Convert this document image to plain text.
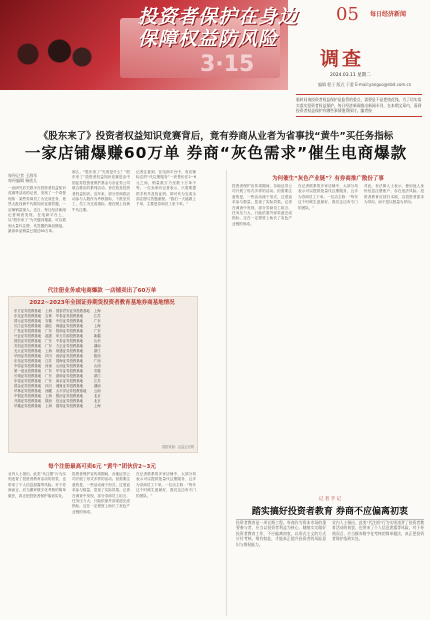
3·15
投资者保护在身边
保障权益防风险
05 每日经济新闻
调查
2024.03.11 星期二
编辑 程子 版式 于蕾 E-mail:yanguo@nbd.com.cn
临时问询投资者权益保护是监管的重点，需要是不是把钱花钱。为了切实落实落实投资者权益保护，每日经济新闻推出新闻专刊，在本期文章内，看到投资者权益保护有哪些事情值得探讨。编者按
《股东来了》投资者权益知识竞赛背后，竟有券商从业者为省事找“黄牛”买任务指标
一家店铺爆赚60万单 券商“灰色需求”催生电商爆款
每经记者 王海军
每经编辑 杨欣儿

一直研究后关联平台投资者权益知识竞赛等活动的记者，发现了一个奇怪现象：某些券商员工为完成任务，竟然大批找黄牛代做知识竞赛答题，一店铺销量惊人。近日，每日经济新闻记者调查发现，在电商平台上，以“股东来了”为关键词搜索，可以看到大量代注册、代答题的商品链接，最高单品销量已超过60万单。

那么，“股东来了”究竟是什么？“股东来了”投资者权益知识竞赛是由中国证券投资者保护基金与各证券公司联合推出的系列活动，旨在普及投资者权益知识。近年来，部分券商将活动参与人数作为考核指标，下派至员工，员工为完成指标，便在网上找黄牛代注册。

记者注意到，在电商平台中，有店铺标注的“代注册服务”一套售价在2~6元之间，销量数万乃至数十万单不等。一位卖家向记者表示，只需要提供手机号及验证码，即可代为完成全部注册与答题流程。“我们一天能做上千单，主要是券商员工来下单。”

代注册业务或电商爆款 一店铺卖出了60万单
2022~2023年全国证券期货投资者教育基地券商基地情况
东方证券投教基地	上海	国泰君安证券投教基地	上海
东北证券投教基地	吉林	华泰证券投教基地	江苏
国元证券投教基地	安徽	中信证券投教基地	广东
长江证券投教基地	湖北	海通证券投教基地	上海
广发证券投教基地	广东	招商证券投教基地	广东
兴业证券投教基地	福建	申万宏源投教基地	新疆
国信证券投教基地	广东	中泰证券投教基地	山东
安信证券投教基地	广东	方正证券投教基地	湖南
光大证券投教基地	上海	财通证券投教基地	浙江
华西证券投教基地	四川	西部证券投教基地	陕西
东吴证券投教基地	江苏	国海证券投教基地	广西
中原证券投教基地	河南	山西证券投教基地	山西
第一创业投教基地	广东	华安证券投教基地	安徽
长城证券投教基地	广东	浙商证券投教基地	浙江
东莞证券投教基地	广东	南京证券投教基地	江苏
国金证券投教基地	四川	湘财证券投教基地	湖南
华林证券投教基地	西藏	太平洋证券投教基地	云南
中银证券投教基地	上海	银河证券投教基地	北京
开源证券投教基地	陕西	信达证券投教基地	北京
华鑫证券投教基地	上海	德邦证券投教基地	上海
数据来源：证监会官网
每个注册最高可卖6元 “黄牛”团伙价2~3元

业内人士指出，此类“代注册”行为实则违背了投资者教育活动的初衷，也带来了个人信息泄露等风险。对于券商而言，应当摒弃数字化考核的简单做法，真正把投资者保护落到实处。

投资者保护宣传周期间，各地证券公司开展了形式多样的活动。但需要注意的是，一些活动流于形式，过度追求参与数量，忽视了实际效果。记者在调查中发现，部分券商员工坦言，任务压力大，只能依靠外部渠道完成指标，这在一定程度上助长了灰色产业链的形成。

在记者联系的多家店铺中，大部分均表示可以提供批量代注册服务，且多为券商员工下单。一位店主称：“每年这个时候生意最好，我们这边有专门的团队。”

为何催生“灰色产业链”？有券商推广散份了事

投资者保护宣传周期间，各地证券公司开展了形式多样的活动。但需要注意的是，一些活动流于形式，过度追求参与数量，忽视了实际效果。记者在调查中发现，部分券商员工坦言，任务压力大，只能依靠外部渠道完成指标，这在一定程度上助长了灰色产业链的形成。

在记者联系的多家店铺中，大部分均表示可以提供批量代注册服务，且多为券商员工下单。一位店主称：“每年这个时候生意最好，我们这边有专门的团队。”

对此，有法律人士表示，使用他人身份信息注册账户，存在违法风险。投资者教育应回归本源，以投资者需求为导向，而不是以数量为导向。

记 者 手 记
踏实搞好投资者教育 券商不应偏离初衷

投资者教育是一项长期工程。券商作为资本市场的重要参与者，应当以投资者利益为核心，踏踏实实做好投资者教育工作，不应偏离初衷，以形式主义的方式应付考核。唯有如此，才能真正提升投资者的风险意识与维权能力。

业内人士指出，此类“代注册”行为实则违背了投资者教育活动的初衷，也带来了个人信息泄露等风险。对于券商而言，应当摒弃数字化考核的简单做法，真正把投资者保护落到实处。
